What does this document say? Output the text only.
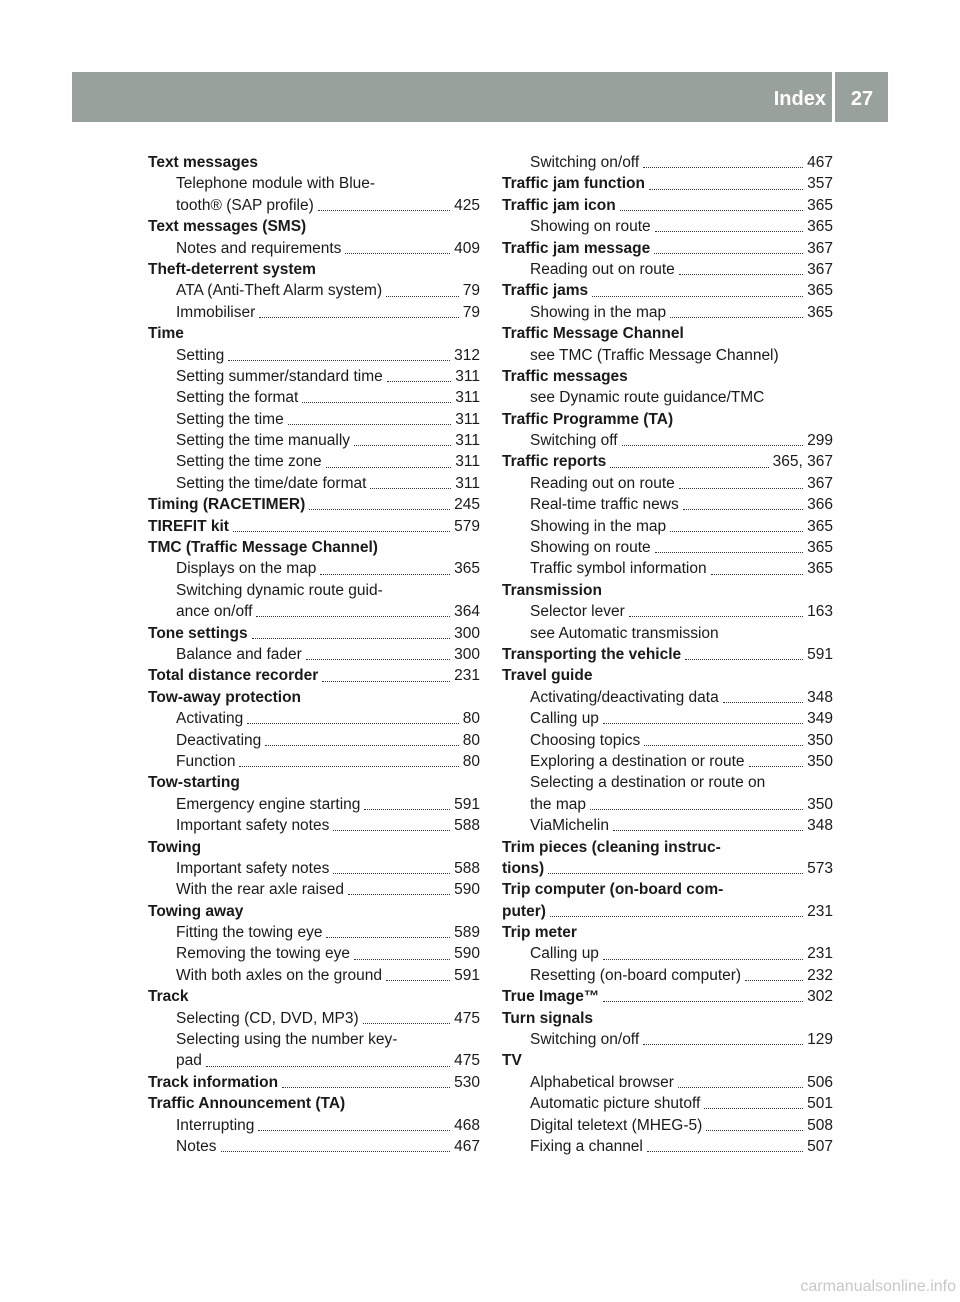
Index	27
Text messages
Telephone module with Blue-
tooth® (SAP profile)	425
Text messages (SMS)
Notes and requirements	409
Theft-deterrent system
ATA (Anti-Theft Alarm system)	79
Immobiliser	79
Time
Setting	312
Setting summer/standard time	311
Setting the format	311
Setting the time	311
Setting the time manually	311
Setting the time zone	311
Setting the time/date format	311
Timing (RACETIMER)	245
TIREFIT kit	579
TMC (Traffic Message Channel)
Displays on the map	365
Switching dynamic route guid-
ance on/off	364
Tone settings	300
Balance and fader	300
Total distance recorder	231
Tow-away protection
Activating	80
Deactivating	80
Function	80
Tow-starting
Emergency engine starting	591
Important safety notes	588
Towing
Important safety notes	588
With the rear axle raised	590
Towing away
Fitting the towing eye	589
Removing the towing eye	590
With both axles on the ground	591
Track
Selecting (CD, DVD, MP3)	475
Selecting using the number key-
pad	475
Track information	530
Traffic Announcement (TA)
Interrupting	468
Notes	467
Switching on/off	467
Traffic jam function	357
Traffic jam icon	365
Showing on route	365
Traffic jam message	367
Reading out on route	367
Traffic jams	365
Showing in the map	365
Traffic Message Channel
see TMC (Traffic Message Channel)
Traffic messages
see Dynamic route guidance/TMC
Traffic Programme (TA)
Switching off	299
Traffic reports	365, 367
Reading out on route	367
Real-time traffic news	366
Showing in the map	365
Showing on route	365
Traffic symbol information	365
Transmission
Selector lever	163
see Automatic transmission
Transporting the vehicle	591
Travel guide
Activating/deactivating data	348
Calling up	349
Choosing topics	350
Exploring a destination or route	350
Selecting a destination or route on
the map	350
ViaMichelin	348
Trim pieces (cleaning instruc-
tions)	573
Trip computer (on-board com-
puter)	231
Trip meter
Calling up	231
Resetting (on-board computer)	232
True Image™	302
Turn signals
Switching on/off	129
TV
Alphabetical browser	506
Automatic picture shutoff	501
Digital teletext (MHEG-5)	508
Fixing a channel	507
carmanualsonline.info
